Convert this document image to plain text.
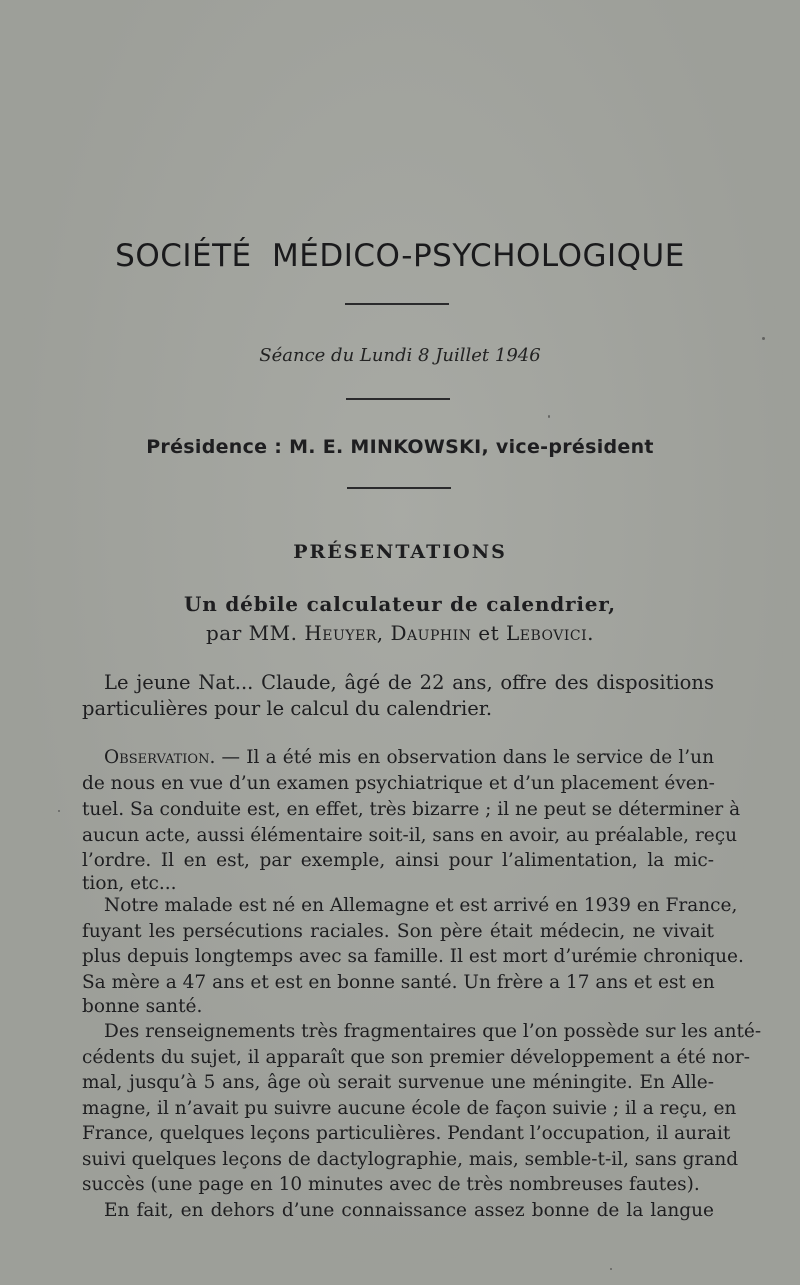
SOCIÉTÉ MÉDICO-PSYCHOLOGIQUE
Séance du Lundi 8 Juillet 1946
Présidence : M. E. MINKOWSKI, vice-président
PRÉSENTATIONS
Un débile calculateur de calendrier,
par MM. Heuyer, Dauphin et Lebovici.
Le jeune Nat... Claude, âgé de 22 ans, offre des dispositions
particulières pour le calcul du calendrier.
Observation. — Il a été mis en observation dans le service de l’un
de nous en vue d’un examen psychiatrique et d’un placement éven-
tuel. Sa conduite est, en effet, très bizarre ; il ne peut se déterminer à
aucun acte, aussi élémentaire soit-il, sans en avoir, au préalable, reçu
l’ordre. Il en est, par exemple, ainsi pour l’alimentation, la mic-
tion, etc...
Notre malade est né en Allemagne et est arrivé en 1939 en France,
fuyant les persécutions raciales. Son père était médecin, ne vivait
plus depuis longtemps avec sa famille. Il est mort d’urémie chronique.
Sa mère a 47 ans et est en bonne santé. Un frère a 17 ans et est en
bonne santé.
Des renseignements très fragmentaires que l’on possède sur les anté-
cédents du sujet, il apparaît que son premier développement a été nor-
mal, jusqu’à 5 ans, âge où serait survenue une méningite. En Alle-
magne, il n’avait pu suivre aucune école de façon suivie ; il a reçu, en
France, quelques leçons particulières. Pendant l’occupation, il aurait
suivi quelques leçons de dactylographie, mais, semble-t-il, sans grand
succès (une page en 10 minutes avec de très nombreuses fautes).
En fait, en dehors d’une connaissance assez bonne de la langue
